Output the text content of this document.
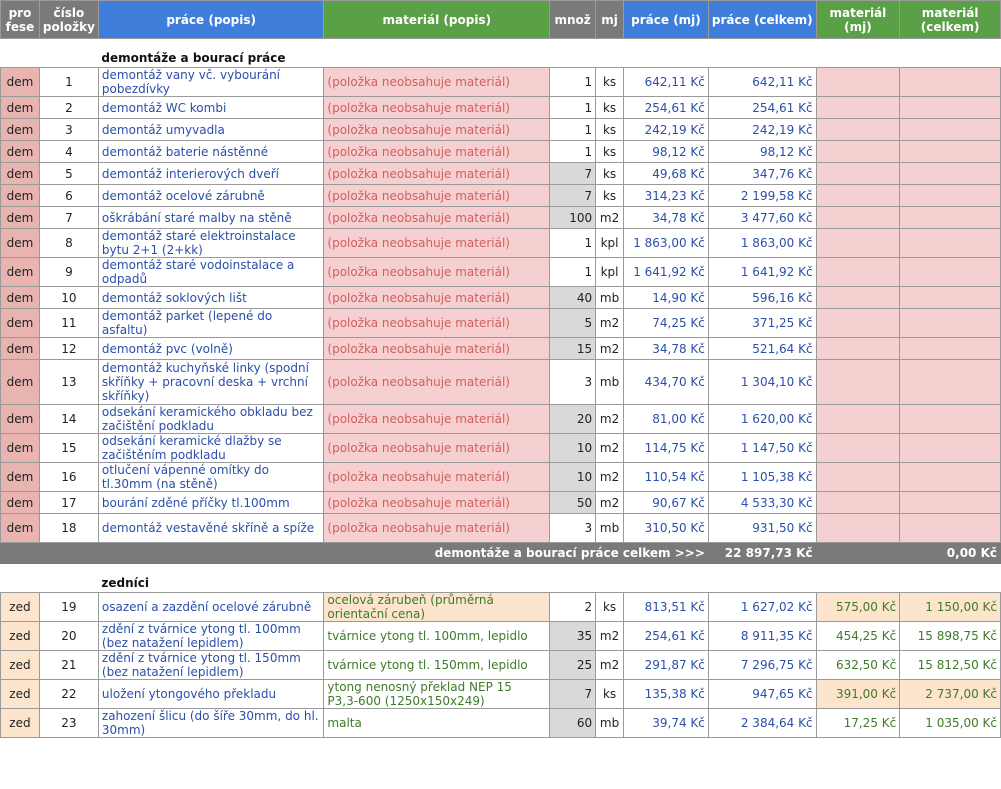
pro fese	číslo položky	práce (popis)	materiál (popis)	množ	mj	práce (mj)	práce (celkem)	materiál (mj)	materiál (celkem)

		demontáže a bourací práce							
dem	1	demontáž vany vč. vybourání pobezdívky	(položka neobsahuje materiál)	1	ks	642,11 Kč	642,11 Kč		
dem	2	demontáž WC kombi	(položka neobsahuje materiál)	1	ks	254,61 Kč	254,61 Kč		
dem	3	demontáž umyvadla	(položka neobsahuje materiál)	1	ks	242,19 Kč	242,19 Kč		
dem	4	demontáž baterie nástěnné	(položka neobsahuje materiál)	1	ks	98,12 Kč	98,12 Kč		
dem	5	demontáž interierových dveří	(položka neobsahuje materiál)	7	ks	49,68 Kč	347,76 Kč		
dem	6	demontáž ocelové zárubně	(položka neobsahuje materiál)	7	ks	314,23 Kč	2 199,58 Kč		
dem	7	oškrábání staré malby na stěně	(položka neobsahuje materiál)	100	m2	34,78 Kč	3 477,60 Kč		
dem	8	demontáž staré elektroinstalace bytu 2+1 (2+kk)	(položka neobsahuje materiál)	1	kpl	1 863,00 Kč	1 863,00 Kč		
dem	9	demontáž staré vodoinstalace a odpadů	(položka neobsahuje materiál)	1	kpl	1 641,92 Kč	1 641,92 Kč		
dem	10	demontáž soklových lišt	(položka neobsahuje materiál)	40	mb	14,90 Kč	596,16 Kč		
dem	11	demontáž parket (lepené do asfaltu)	(položka neobsahuje materiál)	5	m2	74,25 Kč	371,25 Kč		
dem	12	demontáž pvc (volně)	(položka neobsahuje materiál)	15	m2	34,78 Kč	521,64 Kč		
dem	13	demontáž kuchyňské linky (spodní skříňky + pracovní deska + vrchní skříňky)	(položka neobsahuje materiál)	3	mb	434,70 Kč	1 304,10 Kč		
dem	14	odsekání keramického obkladu bez začištění podkladu	(položka neobsahuje materiál)	20	m2	81,00 Kč	1 620,00 Kč		
dem	15	odsekání keramické dlažby se začištěním podkladu	(položka neobsahuje materiál)	10	m2	114,75 Kč	1 147,50 Kč		
dem	16	otlučení vápenné omítky do tl.30mm (na stěně)	(položka neobsahuje materiál)	10	m2	110,54 Kč	1 105,38 Kč		
dem	17	bourání zděné příčky tl.100mm	(položka neobsahuje materiál)	50	m2	90,67 Kč	4 533,30 Kč		
dem	18	demontáž vestavěné skříně a spíže	(položka neobsahuje materiál)	3	mb	310,50 Kč	931,50 Kč		
		demontáže a bourací práce celkem >>>					22 897,73 Kč		0,00 Kč

		zedníci							
zed	19	osazení a zazdění ocelové zárubně	ocelová zárubeň (průměrná orientační cena)	2	ks	813,51 Kč	1 627,02 Kč	575,00 Kč	1 150,00 Kč
zed	20	zdění z tvárnice ytong tl. 100mm (bez natažení lepidlem)	tvárnice ytong tl. 100mm, lepidlo	35	m2	254,61 Kč	8 911,35 Kč	454,25 Kč	15 898,75 Kč
zed	21	zdění z tvárnice ytong tl. 150mm (bez natažení lepidlem)	tvárnice ytong tl. 150mm, lepidlo	25	m2	291,87 Kč	7 296,75 Kč	632,50 Kč	15 812,50 Kč
zed	22	uložení ytongového překladu	ytong nenosný překlad NEP 15 P3,3-600 (1250x150x249)	7	ks	135,38 Kč	947,65 Kč	391,00 Kč	2 737,00 Kč
zed	23	zahození šlicu (do šíře 30mm, do hl. 30mm)	malta	60	mb	39,74 Kč	2 384,64 Kč	17,25 Kč	1 035,00 Kč
